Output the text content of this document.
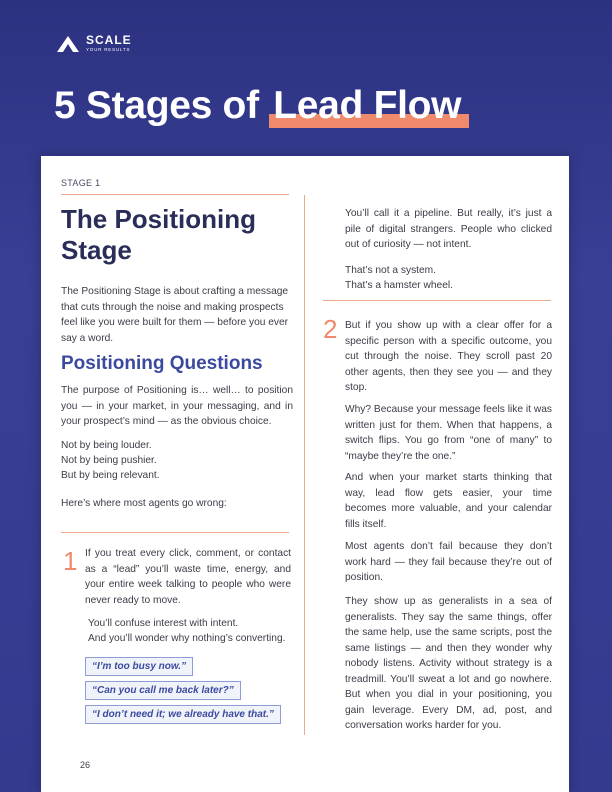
SCALE
YOUR RESULTS
5 Stages of Lead Flow
STAGE 1
The Positioning Stage

The Positioning Stage is about crafting a message that cuts through the noise and making prospects feel like you were built for them — before you ever say a word.

Positioning Questions

The purpose of Positioning is… well… to position you — in your market, in your messaging, and in your prospect’s mind — as the obvious choice.

Not by being louder.

Not by being pushier.

But by being relevant.

Here’s where most agents go wrong:

1 If you treat every click, comment, or contact as a “lead” you’ll waste time, energy, and your entire week talking to people who were never ready to move.

You’ll confuse interest with intent.

And you’ll wonder why nothing’s converting.

“I’m too busy now.”
“Can you call me back later?”
“I don’t need it; we already have that.”
26

You’ll call it a pipeline. But really, it’s just a pile of digital strangers. People who clicked out of curiosity — not intent.

That’s not a system.

That’s a hamster wheel.

2 But if you show up with a clear offer for a specific person with a specific outcome, you cut through the noise. They scroll past 20 other agents, then they see you — and they stop.

Why? Because your message feels like it was written just for them. When that happens, a switch flips. You go from “one of many” to “maybe they’re the one.”

And when your market starts thinking that way, lead flow gets easier, your time becomes more valuable, and your calendar fills itself.

Most agents don’t fail because they don’t work hard — they fail because they’re out of position.

They show up as generalists in a sea of generalists. They say the same things, offer the same help, use the same scripts, post the same listings — and then they wonder why nobody listens. Activity without strategy is a treadmill. You’ll sweat a lot and go nowhere. But when you dial in your positioning, you gain leverage. Every DM, ad, post, and conversation works harder for you.
